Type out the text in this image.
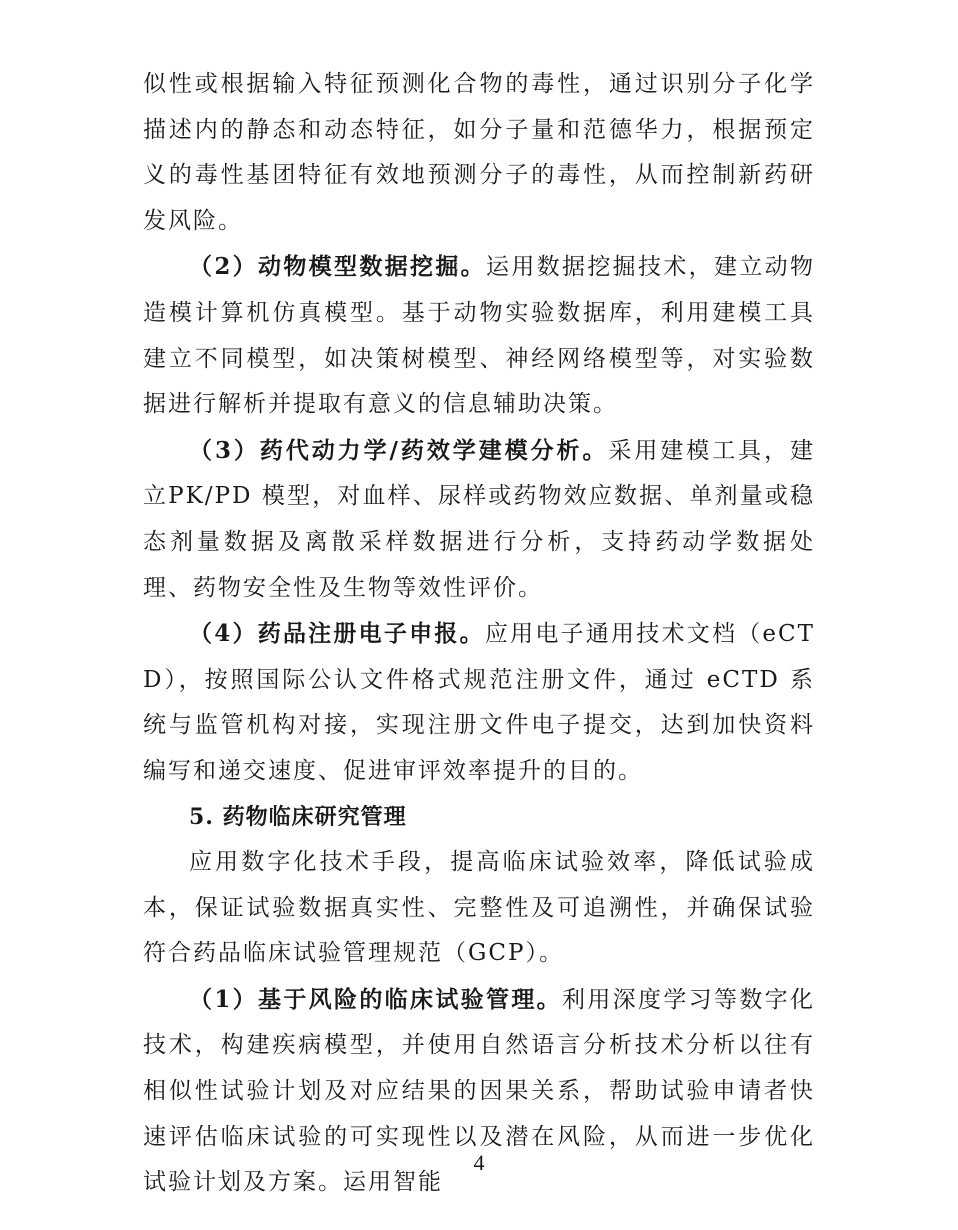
似性或根据输入特征预测化合物的毒性，通过识别分子化学描述内的静态和动态特征，如分子量和范德华力，根据预定义的毒性基团特征有效地预测分子的毒性，从而控制新药研发风险。

（2）动物模型数据挖掘。运用数据挖掘技术，建立动物造模计算机仿真模型。基于动物实验数据库，利用建模工具建立不同模型，如决策树模型、神经网络模型等，对实验数据进行解析并提取有意义的信息辅助决策。

（3）药代动力学/药效学建模分析。采用建模工具，建立PK/PD 模型，对血样、尿样或药物效应数据、单剂量或稳态剂量数据及离散采样数据进行分析，支持药动学数据处理、药物安全性及生物等效性评价。

（4）药品注册电子申报。应用电子通用技术文档（eCTD），按照国际公认文件格式规范注册文件，通过 eCTD 系统与监管机构对接，实现注册文件电子提交，达到加快资料编写和递交速度、促进审评效率提升的目的。

5. 药物临床研究管理

应用数字化技术手段，提高临床试验效率，降低试验成本，保证试验数据真实性、完整性及可追溯性，并确保试验符合药品临床试验管理规范（GCP）。

（1）基于风险的临床试验管理。利用深度学习等数字化技术，构建疾病模型，并使用自然语言分析技术分析以往有相似性试验计划及对应结果的因果关系，帮助试验申请者快速评估临床试验的可实现性以及潜在风险，从而进一步优化试验计划及方案。运用智能

4
